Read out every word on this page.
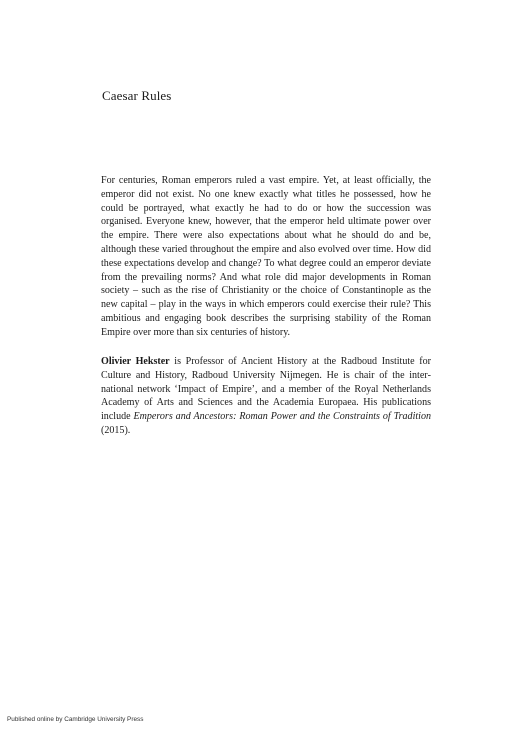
Caesar Rules

For centuries, Roman emperors ruled a vast empire. Yet, at least officially, the emperor did not exist. No one knew exactly what titles he possessed, how he could be portrayed, what exactly he had to do or how the succession was organised. Everyone knew, however, that the emperor held ultimate power over the empire. There were also expectations about what he should do and be, although these varied throughout the empire and also evolved over time. How did these expectations develop and change? To what degree could an emperor deviate from the prevailing norms? And what role did major developments in Roman society – such as the rise of Christianity or the choice of Constantinople as the new capital – play in the ways in which emperors could exercise their rule? This ambitious and engaging book describes the surprising stability of the Roman Empire over more than six centuries of history.

Olivier Hekster is Professor of Ancient History at the Radboud Institute for Culture and History, Radboud University Nijmegen. He is chair of the international network ‘Impact of Empire’, and a member of the Royal Netherlands Academy of Arts and Sciences and the Academia Europaea. His publications include Emperors and Ancestors: Roman Power and the Constraints of Tradition (2015).

Published online by Cambridge University Press
